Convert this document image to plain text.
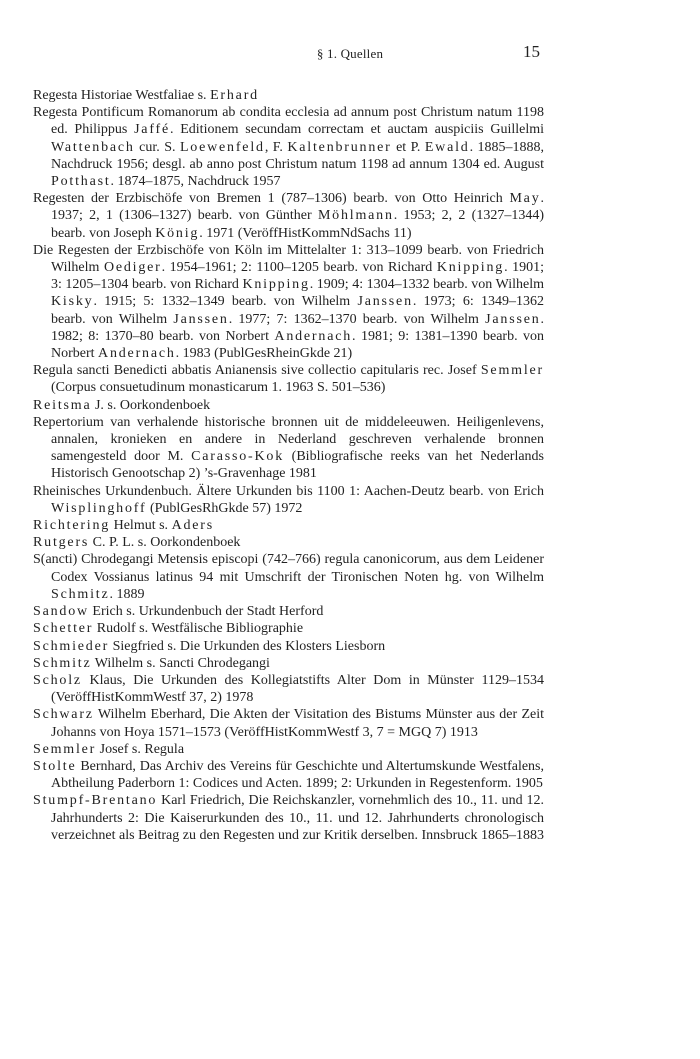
§ 1. Quellen	15

Regesta Historiae Westfaliae s. Erhard

Regesta Pontificum Romanorum ab condita ecclesia ad annum post Christum natum 1198 ed. Philippus Jaffé. Editionem secundam correctam et auctam auspiciis Guillelmi Wattenbach cur. S. Loewenfeld, F. Kaltenbrunner et P. Ewald. 1885–1888, Nachdruck 1956; desgl. ab anno post Christum natum 1198 ad annum 1304 ed. August Potthast. 1874–1875, Nachdruck 1957

Regesten der Erzbischöfe von Bremen 1 (787–1306) bearb. von Otto Heinrich May. 1937; 2, 1 (1306–1327) bearb. von Günther Möhlmann. 1953; 2, 2 (1327–1344) bearb. von Joseph König. 1971 (VeröffHistKommNdSachs 11)

Die Regesten der Erzbischöfe von Köln im Mittelalter 1: 313–1099 bearb. von Friedrich Wilhelm Oediger. 1954–1961; 2: 1100–1205 bearb. von Richard Knipping. 1901; 3: 1205–1304 bearb. von Richard Knipping. 1909; 4: 1304–1332 bearb. von Wilhelm Kisky. 1915; 5: 1332–1349 bearb. von Wilhelm Janssen. 1973; 6: 1349–1362 bearb. von Wilhelm Janssen. 1977; 7: 1362–1370 bearb. von Wilhelm Janssen. 1982; 8: 1370–80 bearb. von Norbert Andernach. 1981; 9: 1381–1390 bearb. von Norbert Andernach. 1983 (PublGesRheinGkde 21)

Regula sancti Benedicti abbatis Anianensis sive collectio capitularis rec. Josef Semmler (Corpus consuetudinum monasticarum 1. 1963 S. 501–536)

Reitsma J. s. Oorkondenboek

Repertorium van verhalende historische bronnen uit de middeleeuwen. Heiligenlevens, annalen, kronieken en andere in Nederland geschreven verhalende bronnen samengesteld door M. Carasso-Kok (Bibliografische reeks van het Nederlands Historisch Genootschap 2) ’s-Gravenhage 1981

Rheinisches Urkundenbuch. Ältere Urkunden bis 1100 1: Aachen-Deutz bearb. von Erich Wisplinghoff (PublGesRhGkde 57) 1972

Richtering Helmut s. Aders

Rutgers C. P. L. s. Oorkondenboek

S(ancti) Chrodegangi Metensis episcopi (742–766) regula canonicorum, aus dem Leidener Codex Vossianus latinus 94 mit Umschrift der Tironischen Noten hg. von Wilhelm Schmitz. 1889

Sandow Erich s. Urkundenbuch der Stadt Herford

Schetter Rudolf s. Westfälische Bibliographie

Schmieder Siegfried s. Die Urkunden des Klosters Liesborn

Schmitz Wilhelm s. Sancti Chrodegangi

Scholz Klaus, Die Urkunden des Kollegiatstifts Alter Dom in Münster 1129–1534 (VeröffHistKommWestf 37, 2) 1978

Schwarz Wilhelm Eberhard, Die Akten der Visitation des Bistums Münster aus der Zeit Johanns von Hoya 1571–1573 (VeröffHistKommWestf 3, 7 = MGQ 7) 1913

Semmler Josef s. Regula

Stolte Bernhard, Das Archiv des Vereins für Geschichte und Altertumskunde Westfalens, Abtheilung Paderborn 1: Codices und Acten. 1899; 2: Urkunden in Regestenform. 1905

Stumpf-Brentano Karl Friedrich, Die Reichskanzler, vornehmlich des 10., 11. und 12. Jahrhunderts 2: Die Kaiserurkunden des 10., 11. und 12. Jahrhunderts chronologisch verzeichnet als Beitrag zu den Regesten und zur Kritik derselben. Innsbruck 1865–1883
